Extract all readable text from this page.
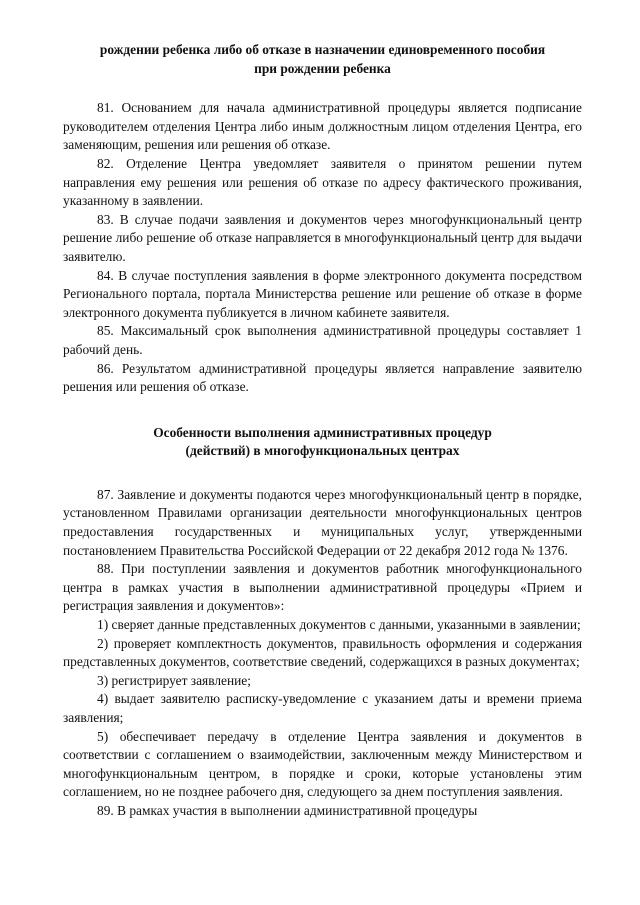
рождении ребенка либо об отказе в назначении единовременного пособия
при рождении ребенка

81. Основанием для начала административной процедуры является подписание руководителем отделения Центра либо иным должностным лицом отделения Центра, его заменяющим, решения или решения об отказе.

82. Отделение Центра уведомляет заявителя о принятом решении путем направления ему решения или решения об отказе по адресу фактического проживания, указанному в заявлении.

83. В случае подачи заявления и документов через многофункциональный центр решение либо решение об отказе направляется в многофункциональный центр для выдачи заявителю.

84. В случае поступления заявления в форме электронного документа посредством Регионального портала, портала Министерства решение или решение об отказе в форме электронного документа публикуется в личном кабинете заявителя.

85. Максимальный срок выполнения административной процедуры составляет 1 рабочий день.

86. Результатом административной процедуры является направление заявителю решения или решения об отказе.

Особенности выполнения административных процедур
(действий) в многофункциональных центрах

87. Заявление и документы подаются через многофункциональный центр в порядке, установленном Правилами организации деятельности многофункциональных центров предоставления государственных и муниципальных услуг, утвержденными постановлением Правительства Российской Федерации от 22 декабря 2012 года № 1376.

88. При поступлении заявления и документов работник многофункционального центра в рамках участия в выполнении административной процедуры «Прием и регистрация заявления и документов»:

1) сверяет данные представленных документов с данными, указанными в заявлении;

2) проверяет комплектность документов, правильность оформления и содержания представленных документов, соответствие сведений, содержащихся в разных документах;

3) регистрирует заявление;

4) выдает заявителю расписку-уведомление с указанием даты и времени приема заявления;

5) обеспечивает передачу в отделение Центра заявления и документов в соответствии с соглашением о взаимодействии, заключенным между Министерством и многофункциональным центром, в порядке и сроки, которые установлены этим соглашением, но не позднее рабочего дня, следующего за днем поступления заявления.

89. В рамках участия в выполнении административной процедуры
